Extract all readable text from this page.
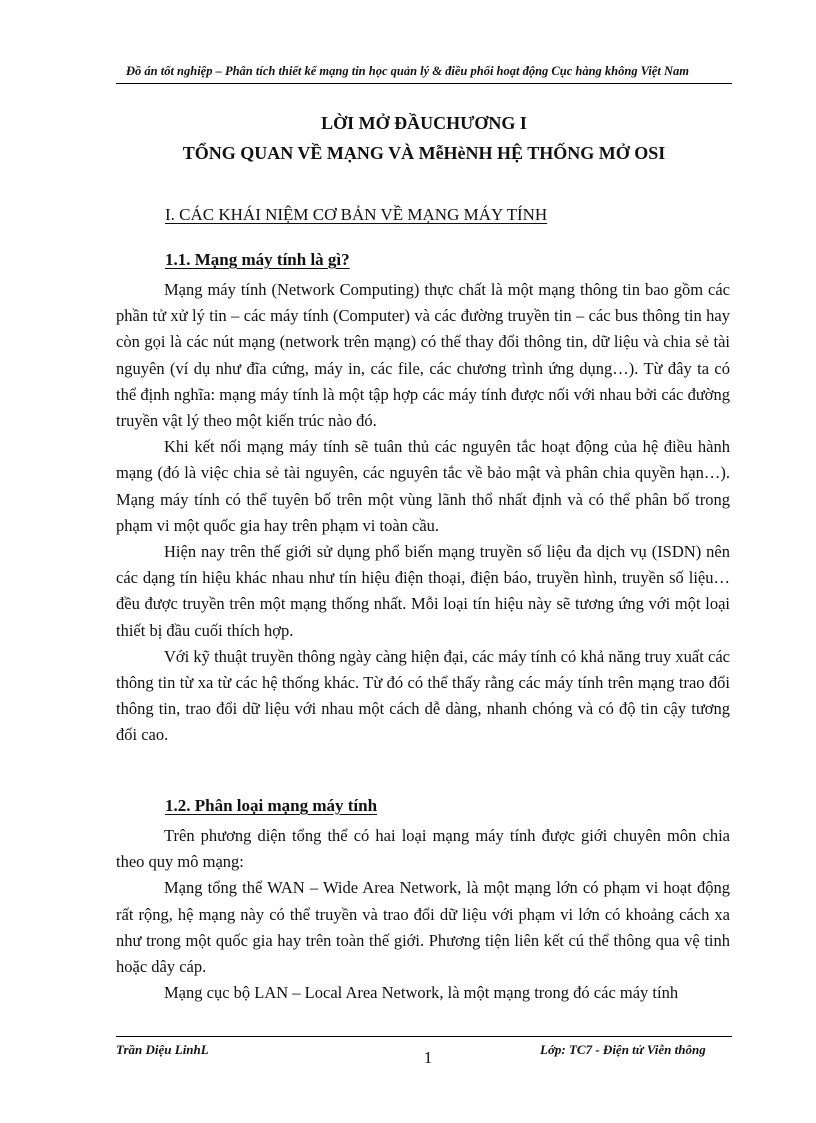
Đồ án tốt nghiệp – Phân tích thiết kế mạng tin học quản lý & điều phối hoạt động Cục hàng không Việt Nam
LỜI MỞ ĐẦUCHƯƠNG I
TỔNG QUAN VỀ MẠNG VÀ MễHèNH HỆ THỐNG MỞ OSI
I. CÁC KHÁI NIỆM CƠ BẢN VỀ MẠNG MÁY TÍNH
1.1. Mạng máy tính là gì?

Mạng máy tính (Network Computing) thực chất là một mạng thông tin bao gồm các phần tử xử lý tin – các máy tính (Computer) và các đường truyền tin – các bus thông tin hay còn gọi là các nút mạng (network trên mạng) có thể thay đổi thông tin, dữ liệu và chia sẻ tài nguyên (ví dụ như đĩa cứng, máy in, các file, các chương trình ứng dụng…). Từ đây ta có thể định nghĩa: mạng máy tính là một tập hợp các máy tính được nối với nhau bởi các đường truyền vật lý theo một kiến trúc nào đó.

Khi kết nối mạng máy tính sẽ tuân thủ các nguyên tắc hoạt động của hệ điều hành mạng (đó là việc chia sẻ tài nguyên, các nguyên tắc về bảo mật và phân chia quyền hạn…). Mạng máy tính có thể tuyên bố trên một vùng lãnh thổ nhất định và có thể phân bố trong phạm vi một quốc gia hay trên phạm vi toàn cầu.

Hiện nay trên thế giới sử dụng phổ biến mạng truyền số liệu đa dịch vụ (ISDN) nên các dạng tín hiệu khác nhau như tín hiệu điện thoại, điện báo, truyền hình, truyền số liệu… đều được truyền trên một mạng thống nhất. Mỗi loại tín hiệu này sẽ tương ứng với một loại thiết bị đầu cuối thích hợp.

Với kỹ thuật truyền thông ngày càng hiện đại, các máy tính có khả năng truy xuất các thông tin từ xa từ các hệ thống khác. Từ đó có thể thấy rằng các máy tính trên mạng trao đổi thông tin, trao đổi dữ liệu với nhau một cách dễ dàng, nhanh chóng và có độ tin cậy tương đối cao.

1.2. Phân loại mạng máy tính

Trên phương diện tổng thể có hai loại mạng máy tính được giới chuyên môn chia theo quy mô mạng:

Mạng tổng thể WAN – Wide Area Network, là một mạng lớn có phạm vi hoạt động rất rộng, hệ mạng này có thể truyền và trao đổi dữ liệu với phạm vi lớn có khoảng cách xa như trong một quốc gia hay trên toàn thế giới. Phương tiện liên kết cú thể thông qua vệ tinh hoặc dây cáp.

Mạng cục bộ LAN – Local Area Network, là một mạng trong đó các máy tính

Trần Diệu LinhL	1	Lớp: TC7 - Điện tử Viễn thông
